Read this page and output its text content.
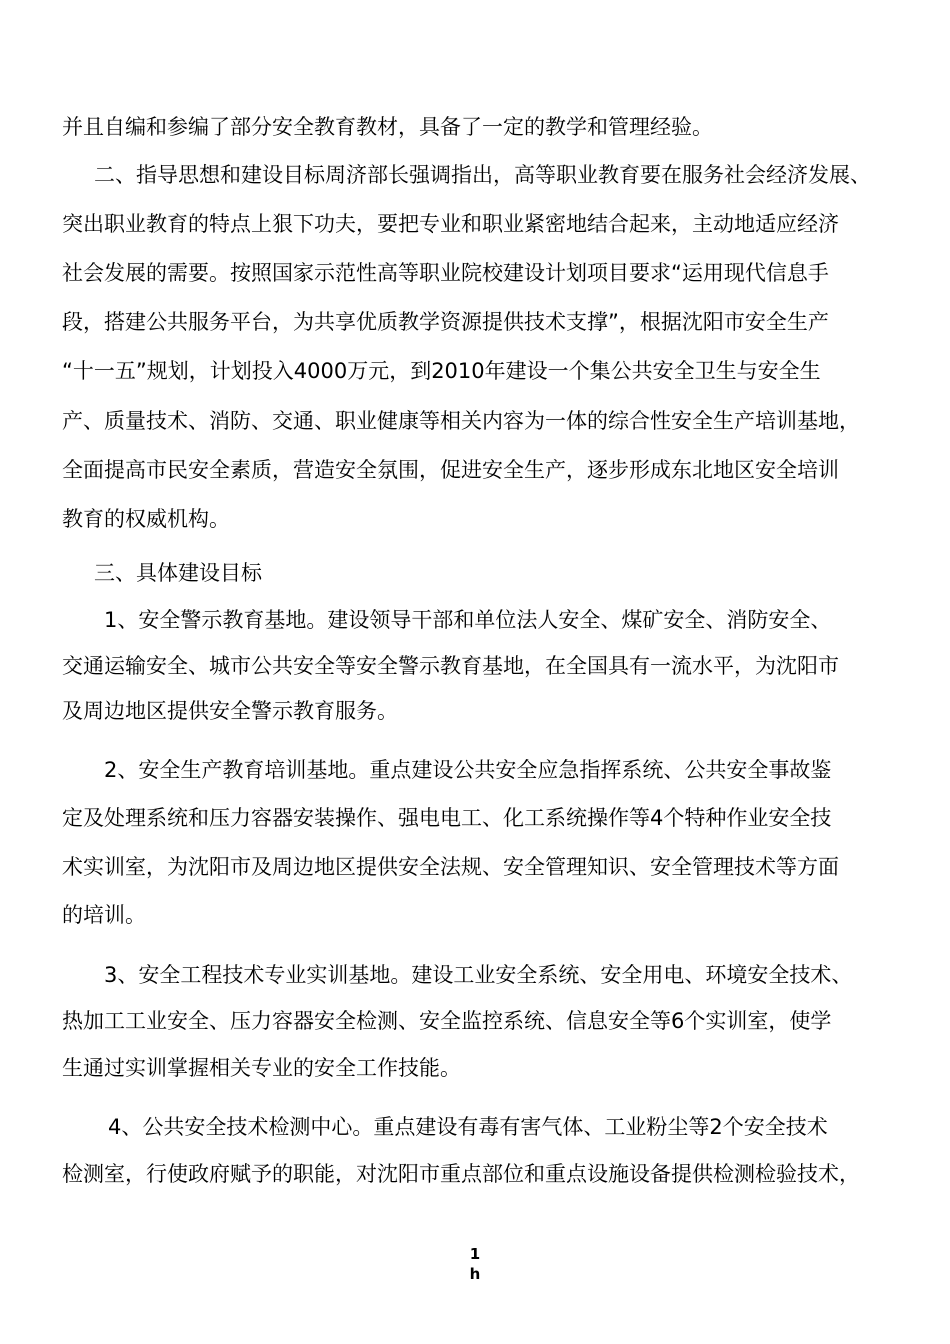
并且自编和参编了部分安全教育教材，具备了一定的教学和管理经验。
二、指导思想和建设目标周济部长强调指出，高等职业教育要在服务社会经济发展、
突出职业教育的特点上狠下功夫，要把专业和职业紧密地结合起来，主动地适应经济
社会发展的需要。按照国家示范性高等职业院校建设计划项目要求“运用现代信息手
段，搭建公共服务平台，为共享优质教学资源提供技术支撑”，根据沈阳市安全生产
“十一五”规划，计划投入4000万元，到2010年建设一个集公共安全卫生与安全生
产、质量技术、消防、交通、职业健康等相关内容为一体的综合性安全生产培训基地，
全面提高市民安全素质，营造安全氛围，促进安全生产，逐步形成东北地区安全培训
教育的权威机构。
三、具体建设目标
1、安全警示教育基地。建设领导干部和单位法人安全、煤矿安全、消防安全、
交通运输安全、城市公共安全等安全警示教育基地，在全国具有一流水平，为沈阳市
及周边地区提供安全警示教育服务。
2、安全生产教育培训基地。重点建设公共安全应急指挥系统、公共安全事故鉴
定及处理系统和压力容器安装操作、强电电工、化工系统操作等4个特种作业安全技
术实训室，为沈阳市及周边地区提供安全法规、安全管理知识、安全管理技术等方面
的培训。
3、安全工程技术专业实训基地。建设工业安全系统、安全用电、环境安全技术、
热加工工业安全、压力容器安全检测、安全监控系统、信息安全等6个实训室，使学
生通过实训掌握相关专业的安全工作技能。
4、公共安全技术检测中心。重点建设有毒有害气体、工业粉尘等2个安全技术
检测室，行使政府赋予的职能，对沈阳市重点部位和重点设施设备提供检测检验技术，
1
h
